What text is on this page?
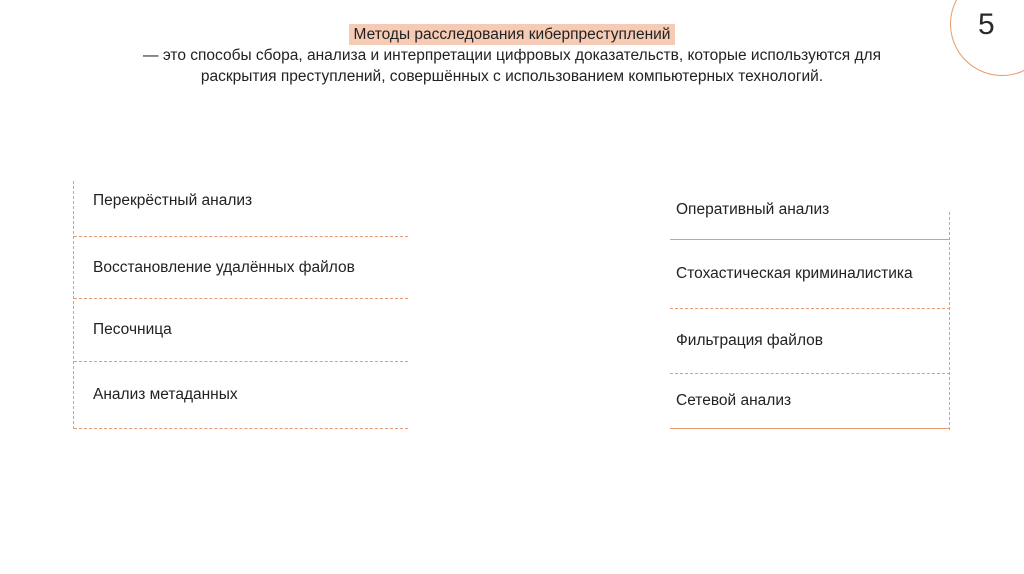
5
Методы расследования киберпреступлений
— это способы сбора, анализа и интерпретации цифровых доказательств, которые используются для раскрытия преступлений, совершённых с использованием компьютерных технологий.
Перекрёстный анализ
Восстановление удалённых файлов
Песочница
Анализ метаданных
Оперативный анализ
Стохастическая криминалистика
Фильтрация файлов
Сетевой анализ
